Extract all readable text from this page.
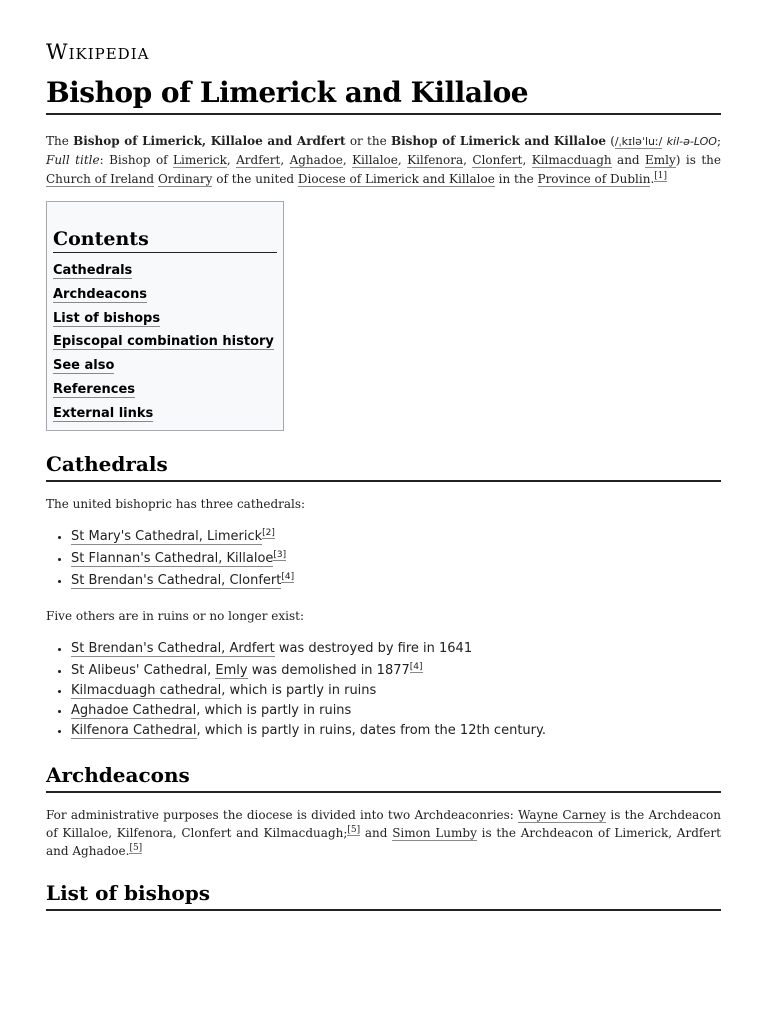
Wikipedia
Bishop of Limerick and Killaloe

The Bishop of Limerick, Killaloe and Ardfert or the Bishop of Limerick and Killaloe (/ˌkɪləˈluː/ kil-ə-LOO; Full title: Bishop of Limerick, Ardfert, Aghadoe, Killaloe, Kilfenora, Clonfert, Kilmacduagh and Emly) is the Church of Ireland Ordinary of the united Diocese of Limerick and Killaloe in the Province of Dublin.[1]

Contents
Cathedrals
Archdeacons
List of bishops
Episcopal combination history
See also
References
External links
Cathedrals

The united bishopric has three cathedrals:

• St Mary's Cathedral, Limerick[2]
• St Flannan's Cathedral, Killaloe[3]
• St Brendan's Cathedral, Clonfert[4]

Five others are in ruins or no longer exist:

• St Brendan's Cathedral, Ardfert was destroyed by fire in 1641
• St Alibeus' Cathedral, Emly was demolished in 1877[4]
• Kilmacduagh cathedral, which is partly in ruins
• Aghadoe Cathedral, which is partly in ruins
• Kilfenora Cathedral, which is partly in ruins, dates from the 12th century.
Archdeacons

For administrative purposes the diocese is divided into two Archdeaconries: Wayne Carney is the Archdeacon of Killaloe, Kilfenora, Clonfert and Kilmacduagh;[5] and Simon Lumby is the Archdeacon of Limerick, Ardfert and Aghadoe.[5]

List of bishops
